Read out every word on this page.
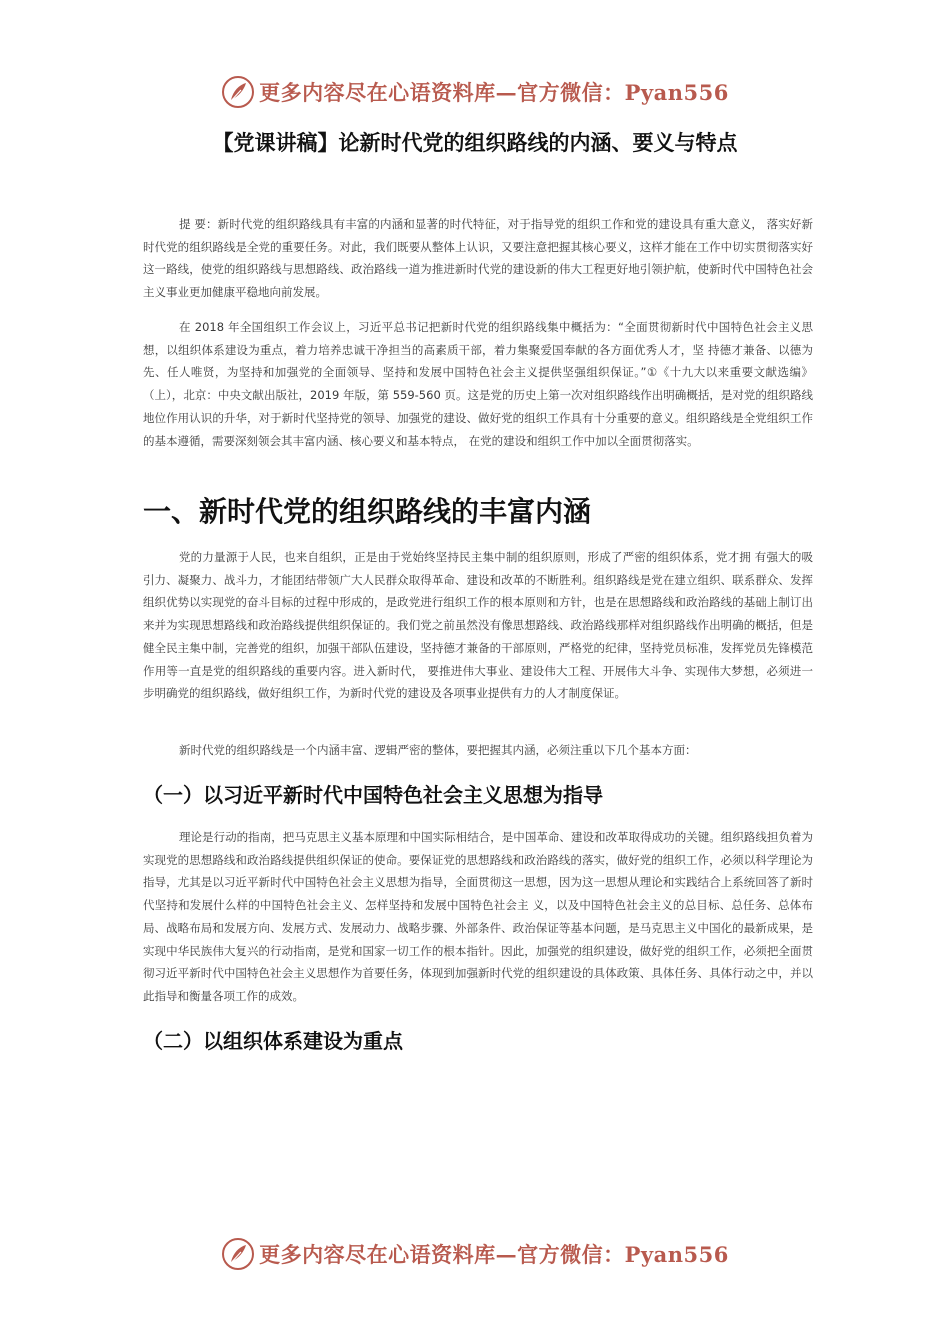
更多内容尽在心语资料库—官方微信：Pyan556
【党课讲稿】论新时代党的组织路线的内涵、要义与特点

提 要：新时代党的组织路线具有丰富的内涵和显著的时代特征，对于指导党的组织工作和党的建设具有重大意义， 落实好新时代党的组织路线是全党的重要任务。对此，我们既要从整体上认识，又要注意把握其核心要义，这样才能在工作中切实贯彻落实好这一路线，使党的组织路线与思想路线、政治路线一道为推进新时代党的建设新的伟大工程更好地引领护航，使新时代中国特色社会主义事业更加健康平稳地向前发展。

在 2018 年全国组织工作会议上，习近平总书记把新时代党的组织路线集中概括为：“全面贯彻新时代中国特色社会主义思想，以组织体系建设为重点，着力培养忠诚干净担当的高素质干部，着力集聚爱国奉献的各方面优秀人才，坚 持德才兼备、以德为先、任人唯贤，为坚持和加强党的全面领导、坚持和发展中国特色社会主义提供坚强组织保证。”①《十九大以来重要文献选编》（上），北京：中央文献出版社，2019 年版，第 559-560 页。这是党的历史上第一次对组织路线作出明确概括，是对党的组织路线地位作用认识的升华，对于新时代坚持党的领导、加强党的建设、做好党的组织工作具有十分重要的意义。组织路线是全党组织工作的基本遵循，需要深刻领会其丰富内涵、核心要义和基本特点， 在党的建设和组织工作中加以全面贯彻落实。

一、新时代党的组织路线的丰富内涵

党的力量源于人民，也来自组织，正是由于党始终坚持民主集中制的组织原则，形成了严密的组织体系，党才拥 有强大的吸引力、凝聚力、战斗力，才能团结带领广大人民群众取得革命、建设和改革的不断胜利。组织路线是党在建立组织、联系群众、发挥组织优势以实现党的奋斗目标的过程中形成的，是政党进行组织工作的根本原则和方针，也是在思想路线和政治路线的基础上制订出来并为实现思想路线和政治路线提供组织保证的。我们党之前虽然没有像思想路线、政治路线那样对组织路线作出明确的概括，但是健全民主集中制，完善党的组织，加强干部队伍建设，坚持德才兼备的干部原则，严格党的纪律，坚持党员标准，发挥党员先锋模范作用等一直是党的组织路线的重要内容。进入新时代， 要推进伟大事业、建设伟大工程、开展伟大斗争、实现伟大梦想，必须进一步明确党的组织路线，做好组织工作，为新时代党的建设及各项事业提供有力的人才制度保证。

新时代党的组织路线是一个内涵丰富、逻辑严密的整体，要把握其内涵，必须注重以下几个基本方面：

（一）以习近平新时代中国特色社会主义思想为指导

理论是行动的指南，把马克思主义基本原理和中国实际相结合，是中国革命、建设和改革取得成功的关键。组织路线担负着为实现党的思想路线和政治路线提供组织保证的使命。要保证党的思想路线和政治路线的落实，做好党的组织工作，必须以科学理论为指导，尤其是以习近平新时代中国特色社会主义思想为指导，全面贯彻这一思想，因为这一思想从理论和实践结合上系统回答了新时代坚持和发展什么样的中国特色社会主义、怎样坚持和发展中国特色社会主 义，以及中国特色社会主义的总目标、总任务、总体布局、战略布局和发展方向、发展方式、发展动力、战略步骤、外部条件、政治保证等基本问题，是马克思主义中国化的最新成果，是实现中华民族伟大复兴的行动指南，是党和国家一切工作的根本指针。因此，加强党的组织建设，做好党的组织工作，必须把全面贯彻习近平新时代中国特色社会主义思想作为首要任务，体现到加强新时代党的组织建设的具体政策、具体任务、具体行动之中，并以此指导和衡量各项工作的成效。

（二）以组织体系建设为重点
更多内容尽在心语资料库—官方微信：Pyan556
